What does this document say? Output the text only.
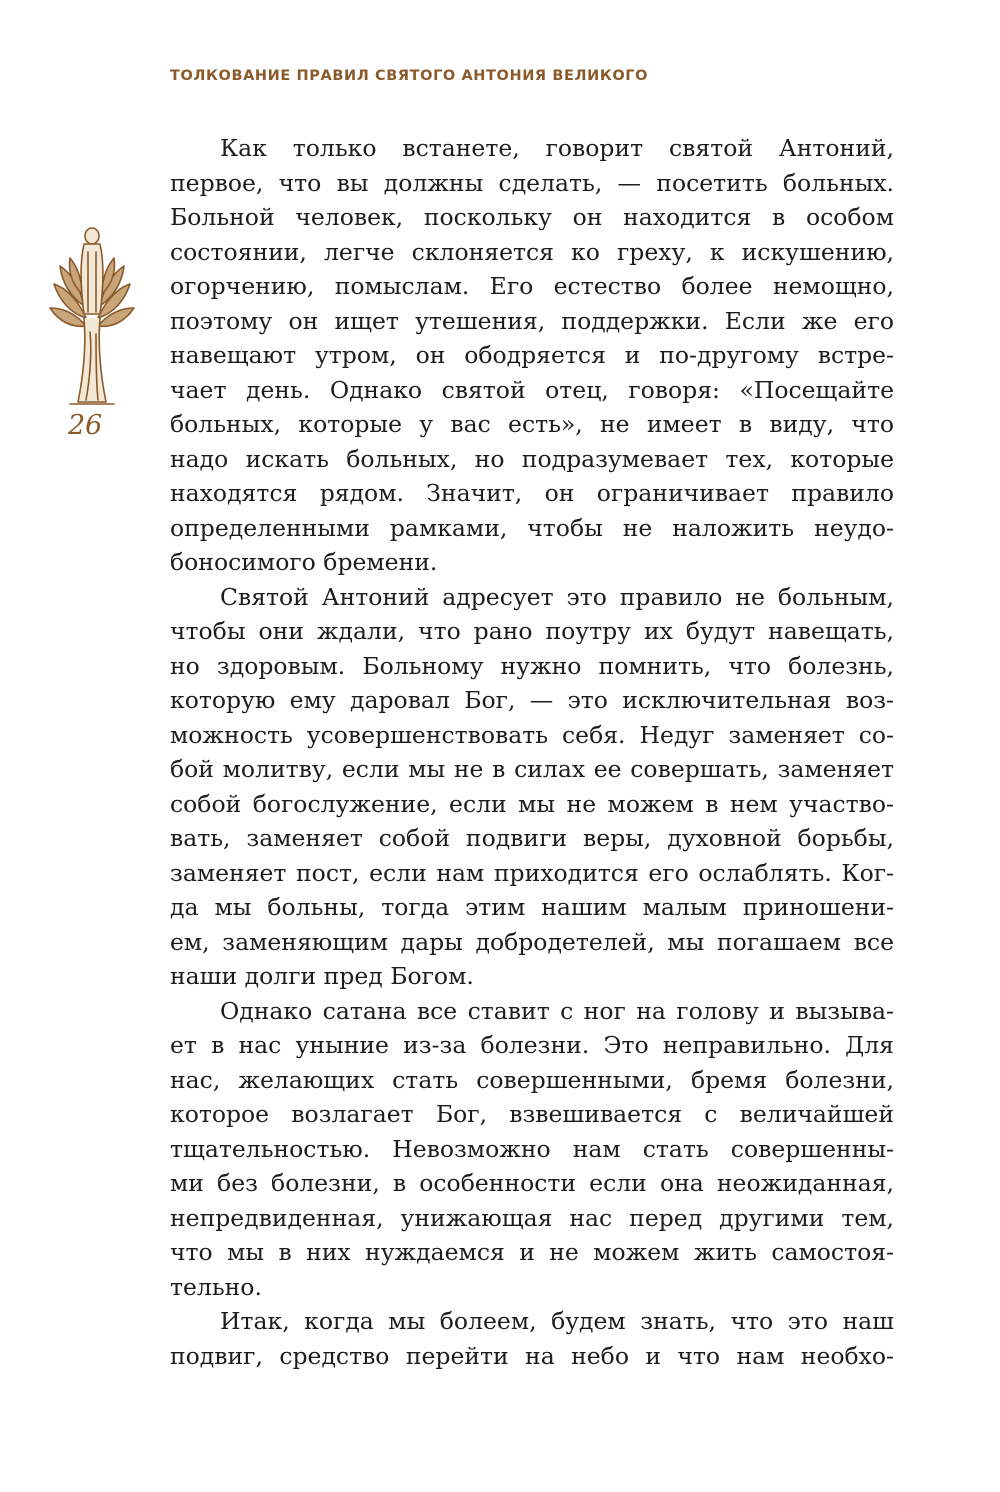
ТОЛКОВАНИЕ ПРАВИЛ СВЯТОГО АНТОНИЯ ВЕЛИКОГО
26
Как только встанете, говорит святой Антоний,
первое, что вы должны сделать, — посетить больных.
Больной человек, поскольку он находится в особом
состоянии, легче склоняется ко греху, к искушению,
огорчению, помыслам. Его естество более немощно,
поэтому он ищет утешения, поддержки. Если же его
навещают утром, он ободряется и по-другому встре-
чает день. Однако святой отец, говоря: «Посещайте
больных, которые у вас есть», не имеет в виду, что
надо искать больных, но подразумевает тех, которые
находятся рядом. Значит, он ограничивает правило
определенными рамками, чтобы не наложить неудо-
боносимого бремени.
Святой Антоний адресует это правило не больным,
чтобы они ждали, что рано поутру их будут навещать,
но здоровым. Больному нужно помнить, что болезнь,
которую ему даровал Бог, — это исключительная воз-
можность усовершенствовать себя. Недуг заменяет со-
бой молитву, если мы не в силах ее совершать, заменяет
собой богослужение, если мы не можем в нем участво-
вать, заменяет собой подвиги веры, духовной борьбы,
заменяет пост, если нам приходится его ослаблять. Ког-
да мы больны, тогда этим нашим малым приношени-
ем, заменяющим дары добродетелей, мы погашаем все
наши долги пред Богом.
Однако сатана все ставит с ног на голову и вызыва-
ет в нас уныние из-за болезни. Это неправильно. Для
нас, желающих стать совершенными, бремя болезни,
которое возлагает Бог, взвешивается с величайшей
тщательностью. Невозможно нам стать совершенны-
ми без болезни, в особенности если она неожиданная,
непредвиденная, унижающая нас перед другими тем,
что мы в них нуждаемся и не можем жить самостоя-
тельно.
Итак, когда мы болеем, будем знать, что это наш
подвиг, средство перейти на небо и что нам необхо-
